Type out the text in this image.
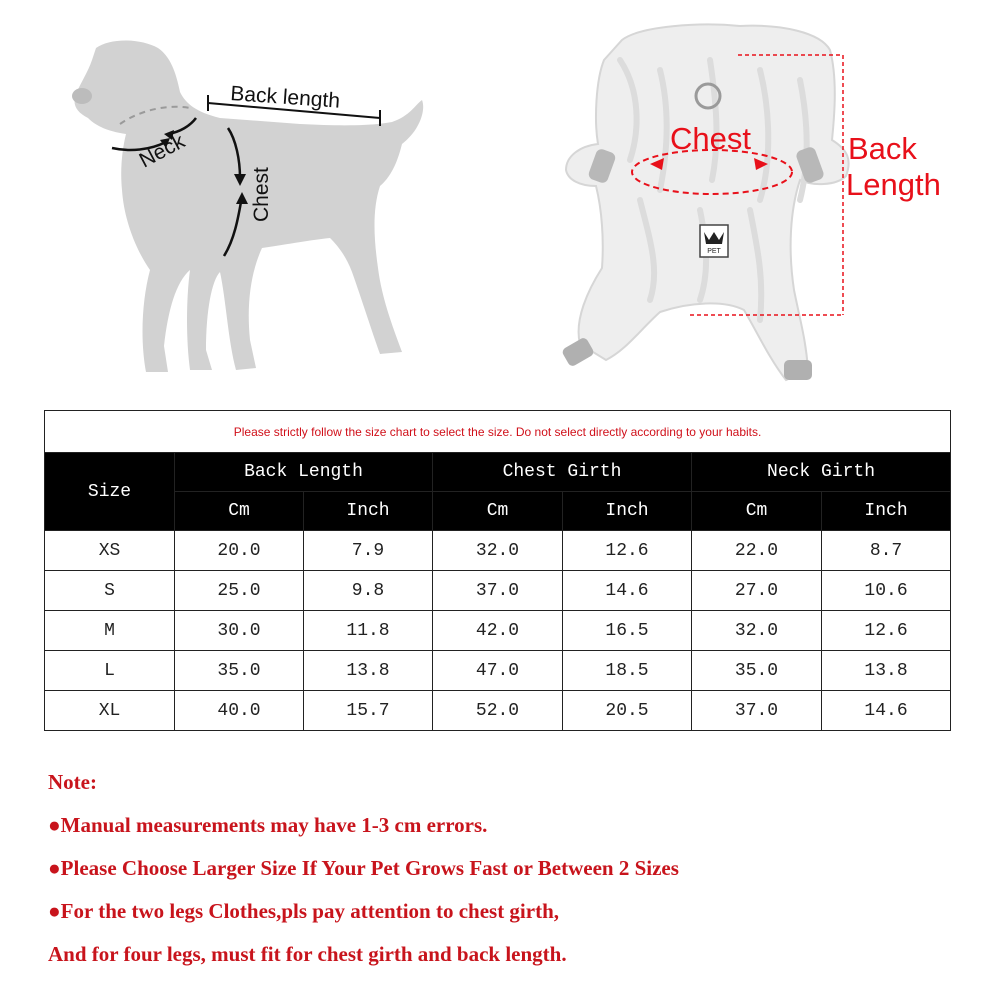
Back length
Neck
Chest
PET
Chest	Back
Length
Please strictly follow the size chart to select the size. Do not select directly according to your habits.						
Size	Back Length		Chest Girth		Neck Girth	
	Cm	Inch	Cm	Inch	Cm	Inch
XS	20.0	7.9	32.0	12.6	22.0	8.7
S	25.0	9.8	37.0	14.6	27.0	10.6
M	30.0	11.8	42.0	16.5	32.0	12.6
L	35.0	13.8	47.0	18.5	35.0	13.8
XL	40.0	15.7	52.0	20.5	37.0	14.6
Note:
●Manual measurements may have 1-3 cm errors.
●Please Choose Larger Size If Your Pet Grows Fast or Between 2 Sizes
●For the two legs Clothes,pls pay attention to chest girth,
And for four legs, must fit for chest girth and back length.
